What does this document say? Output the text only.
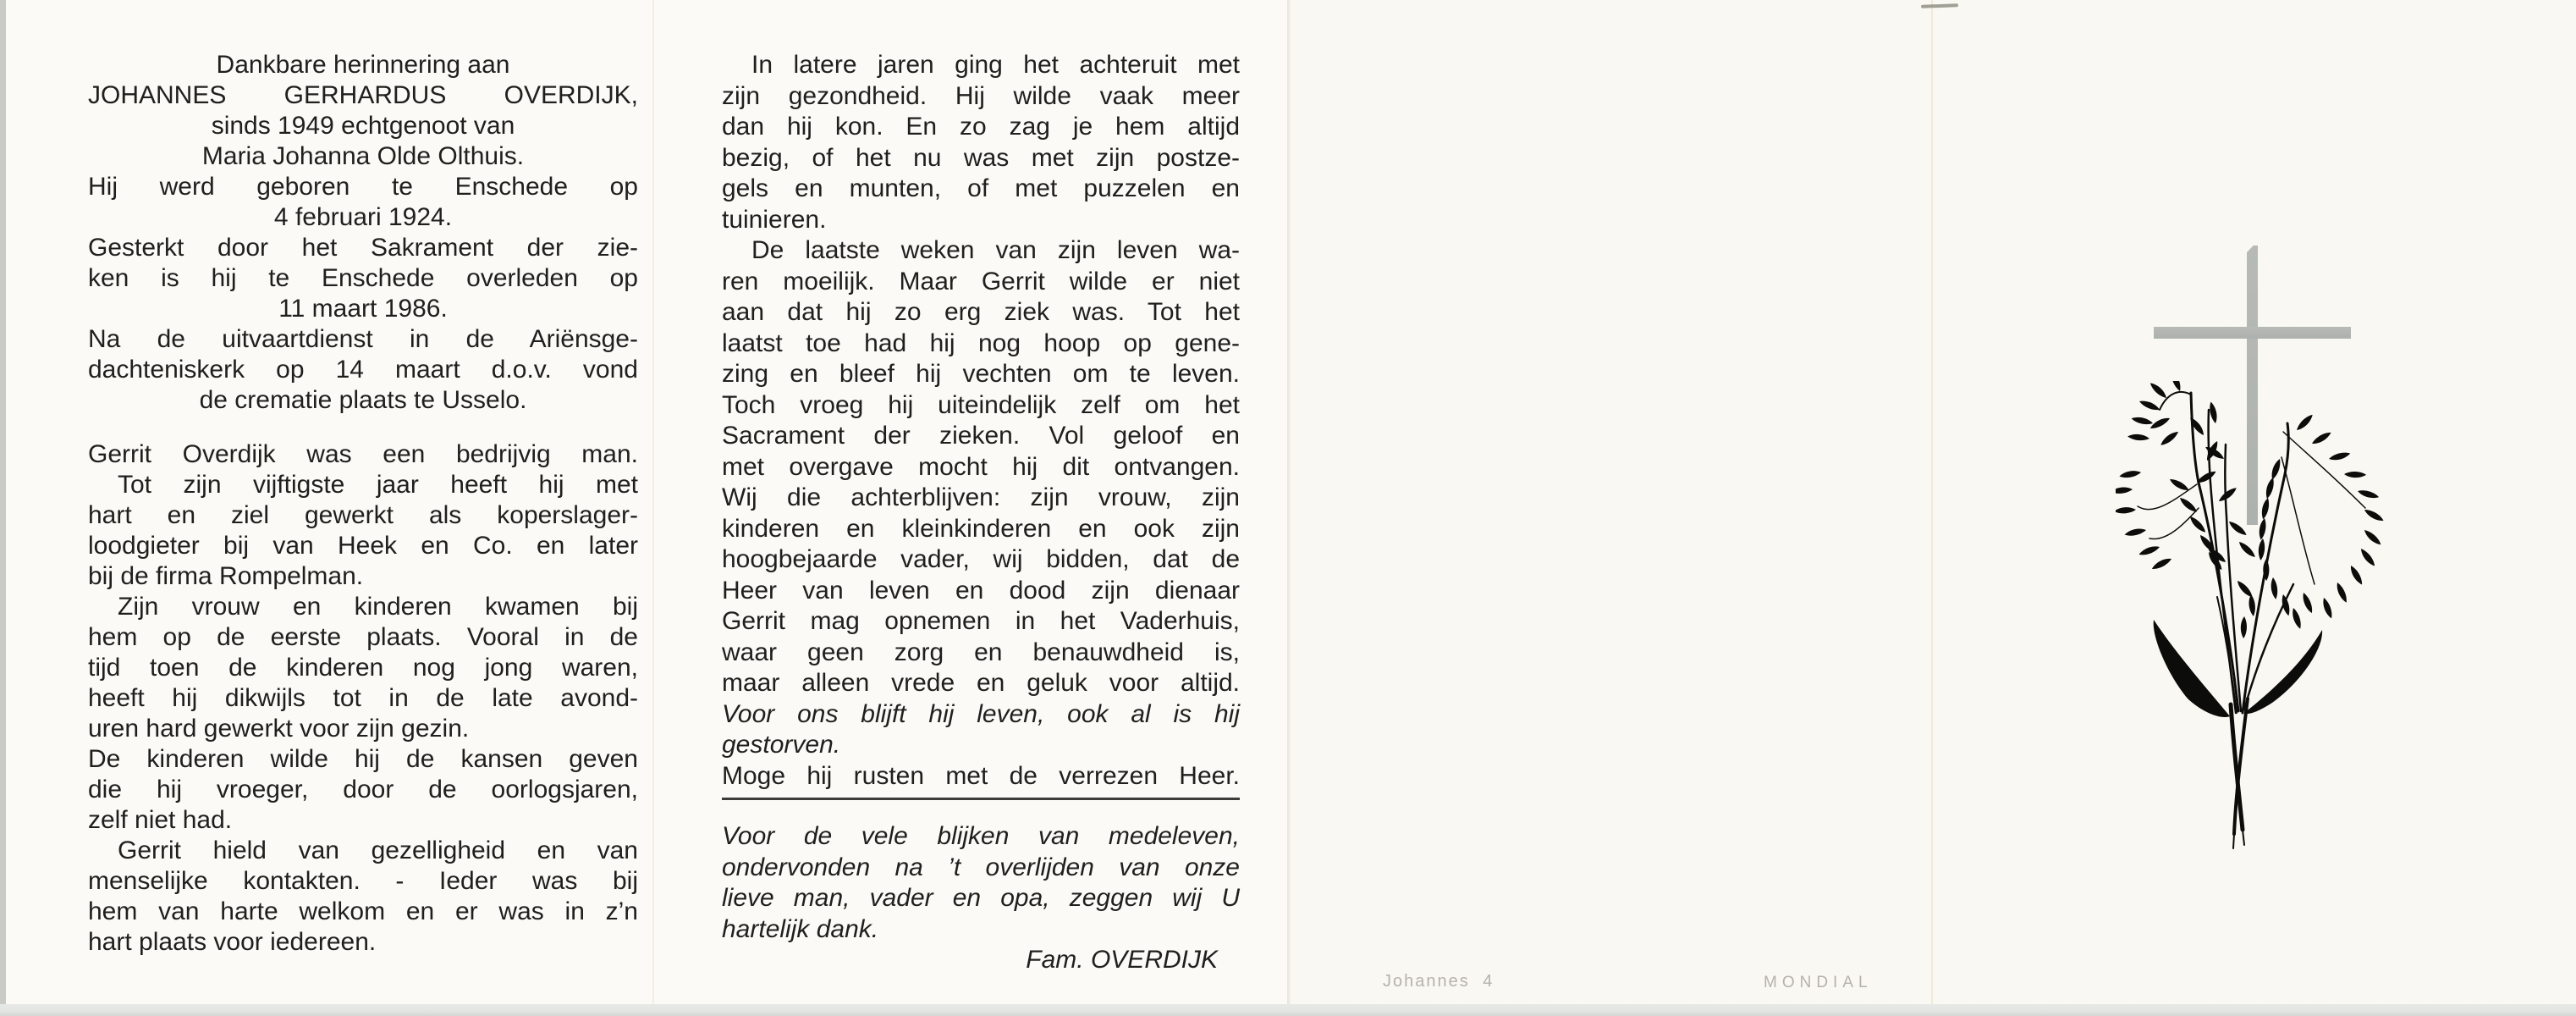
Dankbare herinnering aan
JOHANNES GERHARDUS OVERDIJK,
sinds 1949 echtgenoot van
Maria Johanna Olde Olthuis.
Hij werd geboren te Enschede op
4 februari 1924.
Gesterkt door het Sakrament der zie-
ken is hij te Enschede overleden op
11 maart 1986.
Na de uitvaartdienst in de Ariënsge-
dachteniskerk op 14 maart d.o.v. vond
de crematie plaats te Usselo.
Gerrit Overdijk was een bedrijvig man.
Tot zijn vijftigste jaar heeft hij met
hart en ziel gewerkt als koperslager-
loodgieter bij van Heek en Co. en later
bij de firma Rompelman.
Zijn vrouw en kinderen kwamen bij
hem op de eerste plaats. Vooral in de
tijd toen de kinderen nog jong waren,
heeft hij dikwijls tot in de late avond-
uren hard gewerkt voor zijn gezin.
De kinderen wilde hij de kansen geven
die hij vroeger, door de oorlogsjaren,
zelf niet had.
Gerrit hield van gezelligheid en van
menselijke kontakten. - Ieder was bij
hem van harte welkom en er was in z’n
hart plaats voor iedereen.
In latere jaren ging het achteruit met
zijn gezondheid. Hij wilde vaak meer
dan hij kon. En zo zag je hem altijd
bezig, of het nu was met zijn postze-
gels en munten, of met puzzelen en
tuinieren.
De laatste weken van zijn leven wa-
ren moeilijk. Maar Gerrit wilde er niet
aan dat hij zo erg ziek was. Tot het
laatst toe had hij nog hoop op gene-
zing en bleef hij vechten om te leven.
Toch vroeg hij uiteindelijk zelf om het
Sacrament der zieken. Vol geloof en
met overgave mocht hij dit ontvangen.
Wij die achterblijven: zijn vrouw, zijn
kinderen en kleinkinderen en ook zijn
hoogbejaarde vader, wij bidden, dat de
Heer van leven en dood zijn dienaar
Gerrit mag opnemen in het Vaderhuis,
waar geen zorg en benauwdheid is,
maar alleen vrede en geluk voor altijd.
Voor ons blijft hij leven, ook al is hij
gestorven.
Moge hij rusten met de verrezen Heer.
Voor de vele blijken van medeleven,
ondervonden na ’t overlijden van onze
lieve man, vader en opa, zeggen wij U
hartelijk dank.
Fam. OVERDIJK
Johannes 4	MONDIAL
